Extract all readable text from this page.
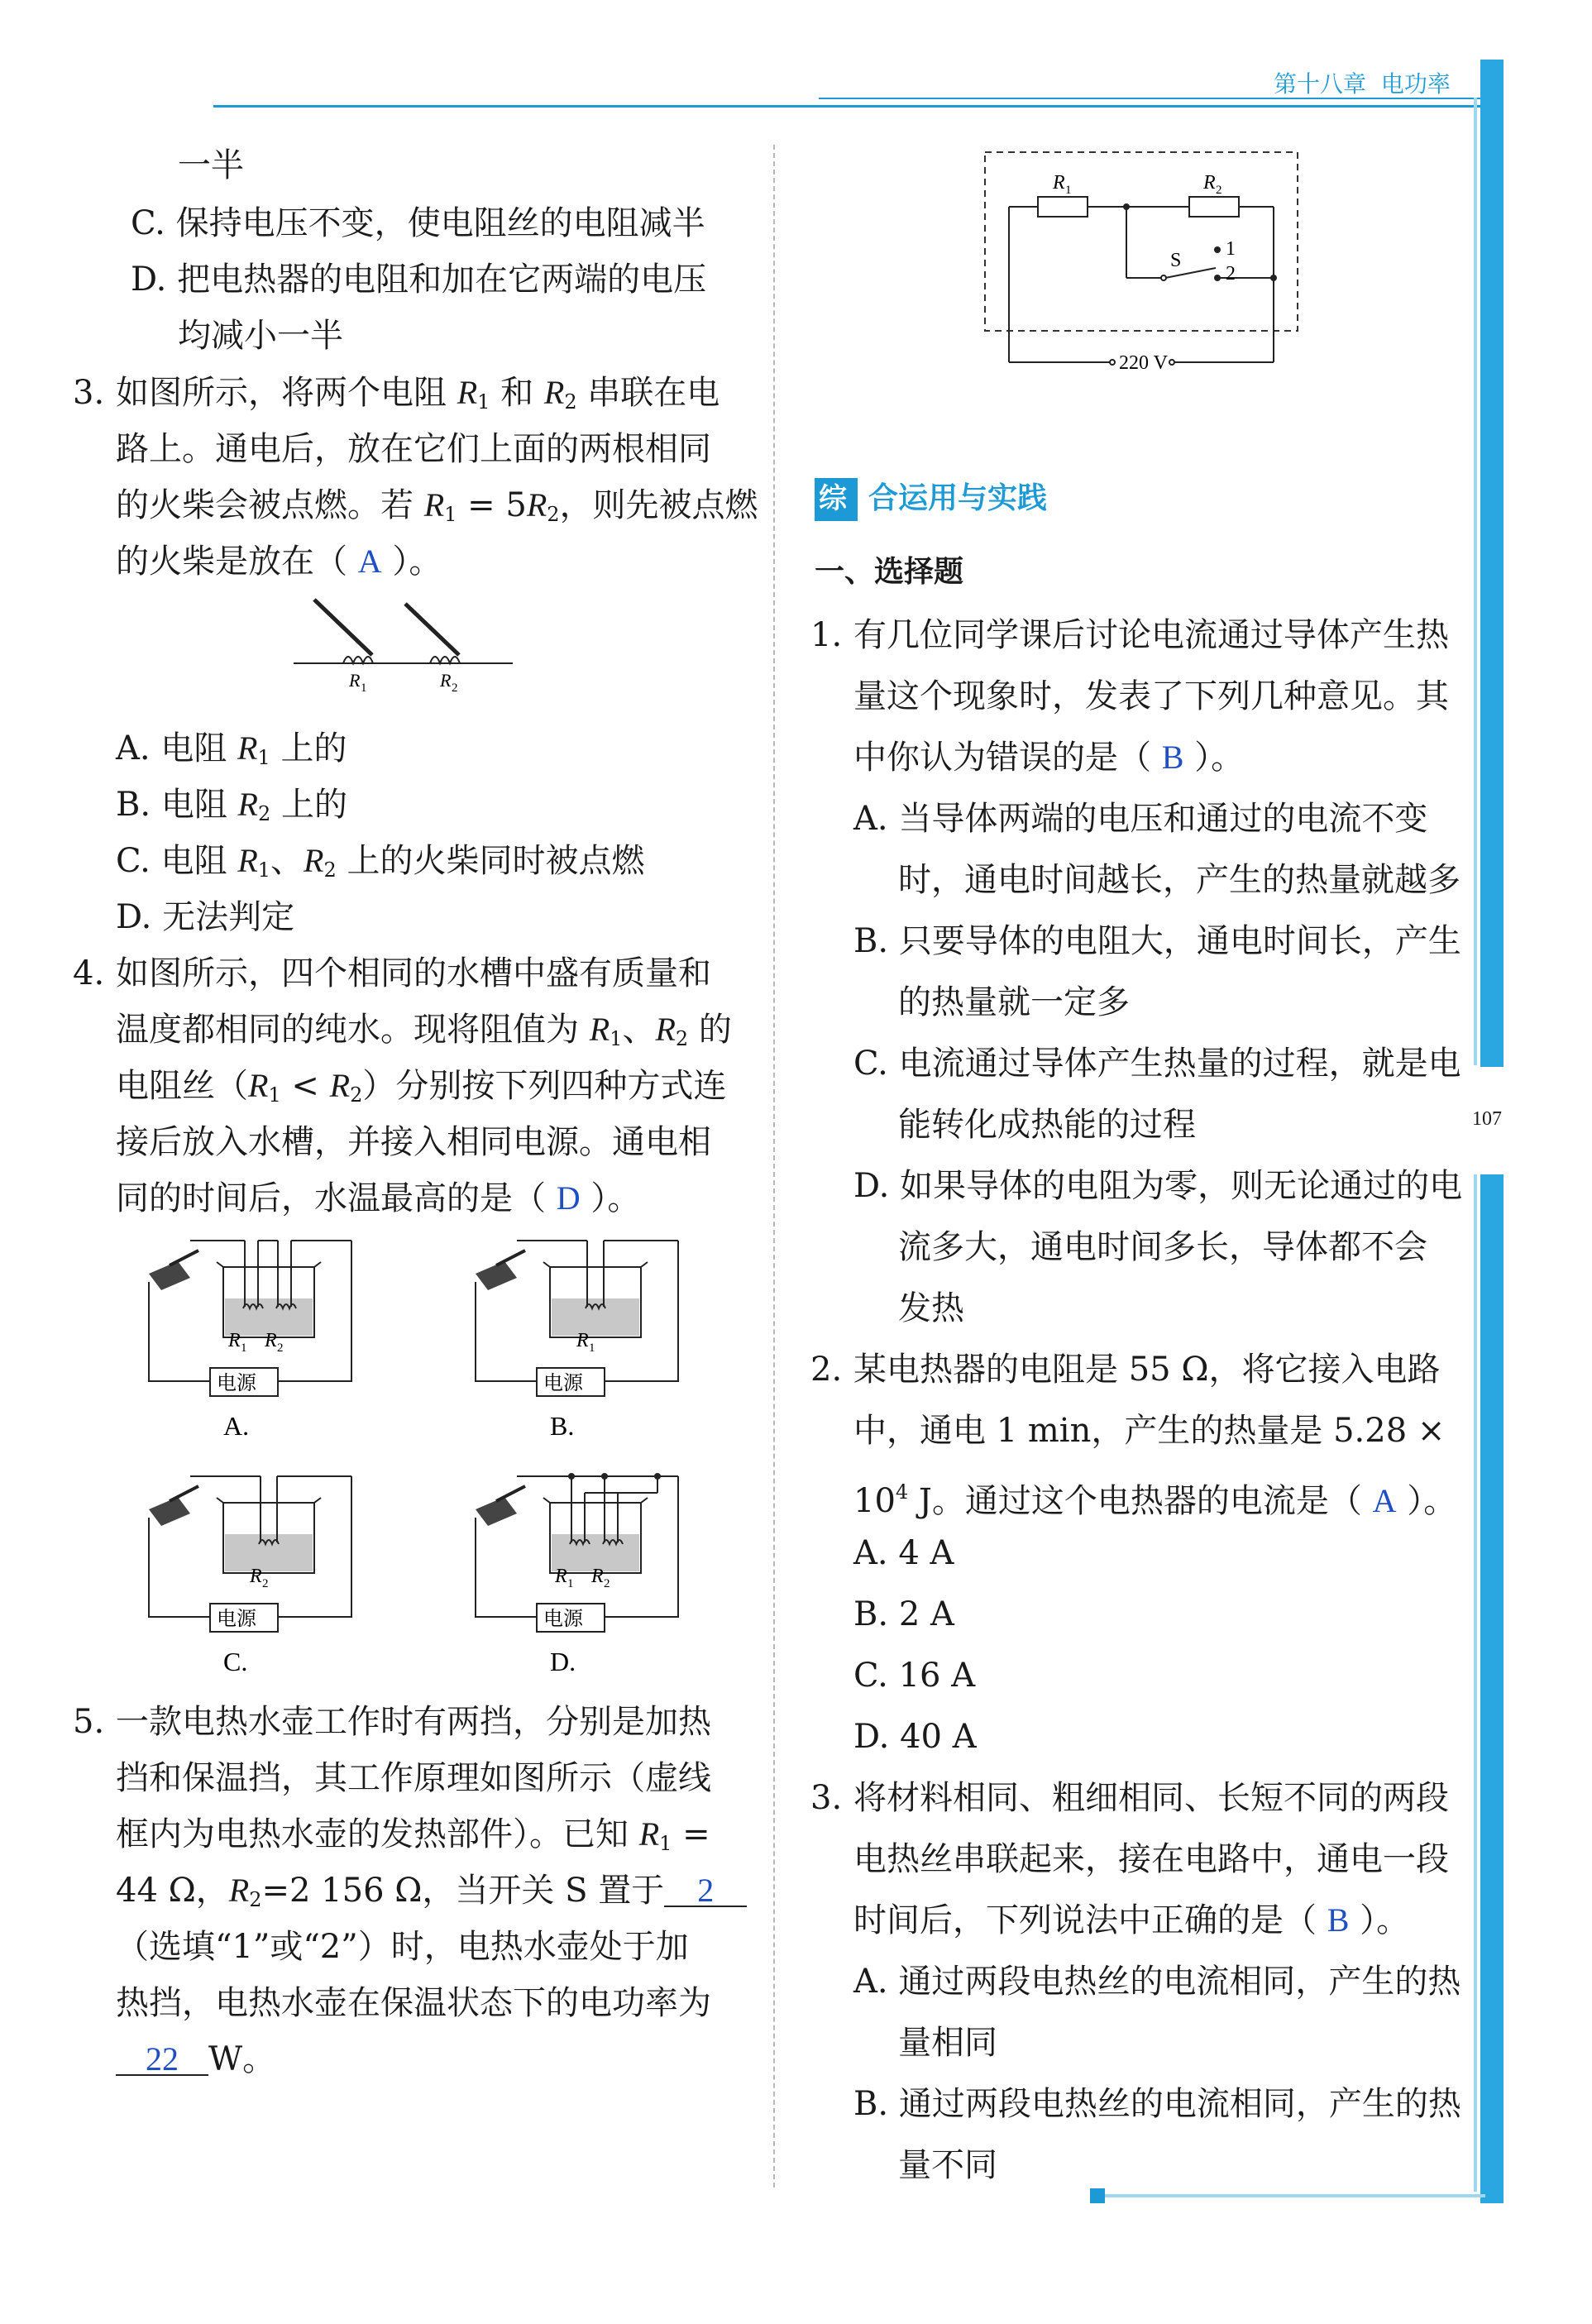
107
第十八章 电功率
一半
C. 保持电压不变，使电阻丝的电阻减半
D. 把电热器的电阻和加在它两端的电压
均减小一半
3. 如图所示，将两个电阻 $R_1$ 和 $R_2$ 串联在电
路上。通电后，放在它们上面的两根相同
的火柴会被点燃。若 $R_1 = 5R_2$，则先被点燃
的火柴是放在（ A ）。
R 1	R 2
A. 电阻 $R_1$ 上的
B. 电阻 $R_2$ 上的
C. 电阻 $R_1$、$R_2$ 上的火柴同时被点燃
D. 无法判定
4. 如图所示，四个相同的水槽中盛有质量和
温度都相同的纯水。现将阻值为 $R_1$、$R_2$ 的
电阻丝$(R_1 < R_2)$分别按下列四种方式连
接后放入水槽，并接入相同电源。通电相
同的时间后，水温最高的是（ D ）。
R 1 R 2
电源
A.
R 1
电源
B.
R 2
电源
C.
R 1 R 2
电源
D.
5. 一款电热水壶工作时有两挡，分别是加热
挡和保温挡，其工作原理如图所示（虚线
框内为电热水壶的发热部件）。已知 $R_1$ =
44 Ω，$R_2=2$ 156 Ω，当开关 S 置于 2
（选填“1”或“2”）时，电热水壶处于加
热挡，电热水壶在保温状态下的电功率为
22 W。
220 V
R 1	R 2
S
1
2
综 合运用与实践
一、选择题
1. 有几位同学课后讨论电流通过导体产生热
量这个现象时，发表了下列几种意见。其
中你认为错误的是（ B ）。
A. 当导体两端的电压和通过的电流不变
时，通电时间越长，产生的热量就越多
B. 只要导体的电阻大，通电时间长，产生
的热量就一定多
C. 电流通过导体产生热量的过程，就是电
能转化成热能的过程
D. 如果导体的电阻为零，则无论通过的电
流多大，通电时间多长，导体都不会
发热
2. 某电热器的电阻是 55 Ω，将它接入电路
中，通电 1 min，产生的热量是 5.28 ×
$10^4$ J。通过这个电热器的电流是（ A ）。
A. 4 A
B. 2 A
C. 16 A
D. 40 A
3. 将材料相同、粗细相同、长短不同的两段
电热丝串联起来，接在电路中，通电一段
时间后，下列说法中正确的是（ B ）。
A. 通过两段电热丝的电流相同，产生的热
量相同
B. 通过两段电热丝的电流相同，产生的热
量不同
